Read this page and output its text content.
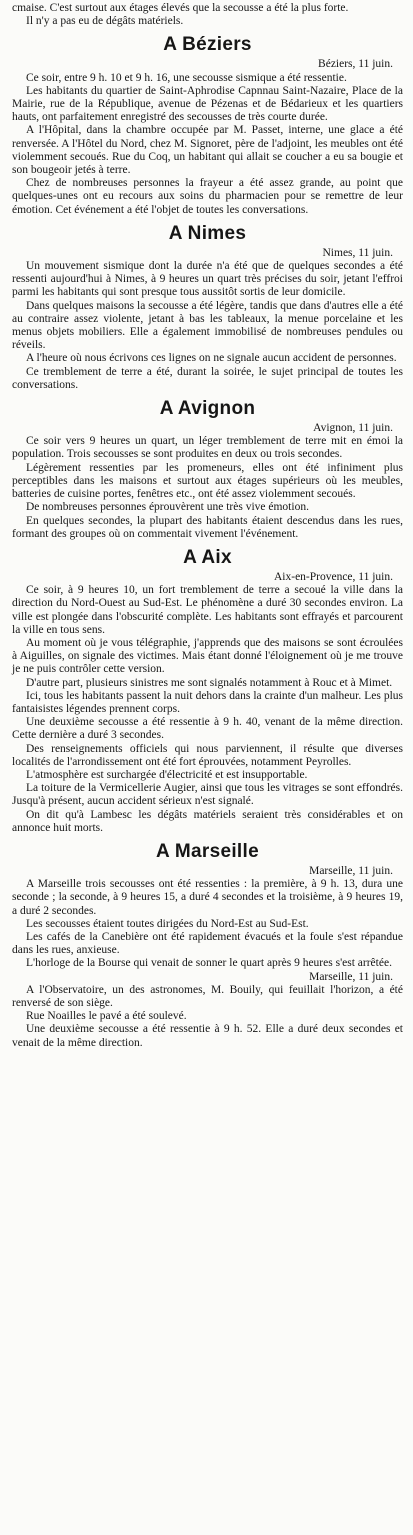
cmaise. C'est surtout aux étages élevés que la secousse a été la plus forte.

Il n'y a pas eu de dégâts matériels.

A Béziers
Béziers, 11 juin.

Ce soir, entre 9 h. 10 et 9 h. 16, une secousse sismique a été ressentie.

Les habitants du quartier de Saint-Aphrodise Capnnau Saint-Nazaire, Place de la Mairie, rue de la République, avenue de Pézenas et de Bédarieux et les quartiers hauts, ont parfaitement enregistré des secousses de très courte durée.

A l'Hôpital, dans la chambre occupée par M. Passet, interne, une glace a été renversée. A l'Hôtel du Nord, chez M. Signoret, père de l'adjoint, les meubles ont été violemment secoués. Rue du Coq, un habitant qui allait se coucher a eu sa bougie et son bougeoir jetés à terre.

Chez de nombreuses personnes la frayeur a été assez grande, au point que quelques-unes ont eu recours aux soins du pharmacien pour se remettre de leur émotion. Cet événement a été l'objet de toutes les conversations.

A Nimes
Nimes, 11 juin.

Un mouvement sismique dont la durée n'a été que de quelques secondes a été ressenti aujourd'hui à Nimes, à 9 heures un quart très précises du soir, jetant l'effroi parmi les habitants qui sont presque tous aussitôt sortis de leur domicile.

Dans quelques maisons la secousse a été légère, tandis que dans d'autres elle a été au contraire assez violente, jetant à bas les tableaux, la menue porcelaine et les menus objets mobiliers. Elle a également immobilisé de nombreuses pendules ou réveils.

A l'heure où nous écrivons ces lignes on ne signale aucun accident de personnes.

Ce tremblement de terre a été, durant la soirée, le sujet principal de toutes les conversations.

A Avignon
Avignon, 11 juin.

Ce soir vers 9 heures un quart, un léger tremblement de terre mit en émoi la population. Trois secousses se sont produites en deux ou trois secondes.

Légèrement ressenties par les promeneurs, elles ont été infiniment plus perceptibles dans les maisons et surtout aux étages supérieurs où les meubles, batteries de cuisine portes, fenêtres etc., ont été assez violemment secoués.

De nombreuses personnes éprouvèrent une très vive émotion.

En quelques secondes, la plupart des habitants étaient descendus dans les rues, formant des groupes où on commentait vivement l'événement.

A Aix
Aix-en-Provence, 11 juin.

Ce soir, à 9 heures 10, un fort tremblement de terre a secoué la ville dans la direction du Nord-Ouest au Sud-Est. Le phénomène a duré 30 secondes environ. La ville est plongée dans l'obscurité complète. Les habitants sont effrayés et parcourent la ville en tous sens.

Au moment où je vous télégraphie, j'apprends que des maisons se sont écroulées à Aiguilles, on signale des victimes. Mais étant donné l'éloignement où je me trouve je ne puis contrôler cette version.

D'autre part, plusieurs sinistres me sont signalés notamment à Rouc et à Mimet.

Ici, tous les habitants passent la nuit dehors dans la crainte d'un malheur. Les plus fantaisistes légendes prennent corps.

Une deuxième secousse a été ressentie à 9 h. 40, venant de la même direction. Cette dernière a duré 3 secondes.

Des renseignements officiels qui nous parviennent, il résulte que diverses localités de l'arrondissement ont été fort éprouvées, notamment Peyrolles.

L'atmosphère est surchargée d'électricité et est insupportable.

La toiture de la Vermicellerie Augier, ainsi que tous les vitrages se sont effondrés. Jusqu'à présent, aucun accident sérieux n'est signalé.

On dit qu'à Lambesc les dégâts matériels seraient très considérables et on annonce huit morts.

A Marseille
Marseille, 11 juin.

A Marseille trois secousses ont été ressenties : la première, à 9 h. 13, dura une seconde ; la seconde, à 9 heures 15, a duré 4 secondes et la troisième, à 9 heures 19, a duré 2 secondes.

Les secousses étaient toutes dirigées du Nord-Est au Sud-Est.

Les cafés de la Canebière ont été rapidement évacués et la foule s'est répandue dans les rues, anxieuse.

L'horloge de la Bourse qui venait de sonner le quart après 9 heures s'est arrêtée.

Marseille, 11 juin.

A l'Observatoire, un des astronomes, M. Bouily, qui feuillait l'horizon, a été renversé de son siège.

Rue Noailles le pavé a été soulevé.

Une deuxième secousse a été ressentie à 9 h. 52. Elle a duré deux secondes et venait de la même direction.
